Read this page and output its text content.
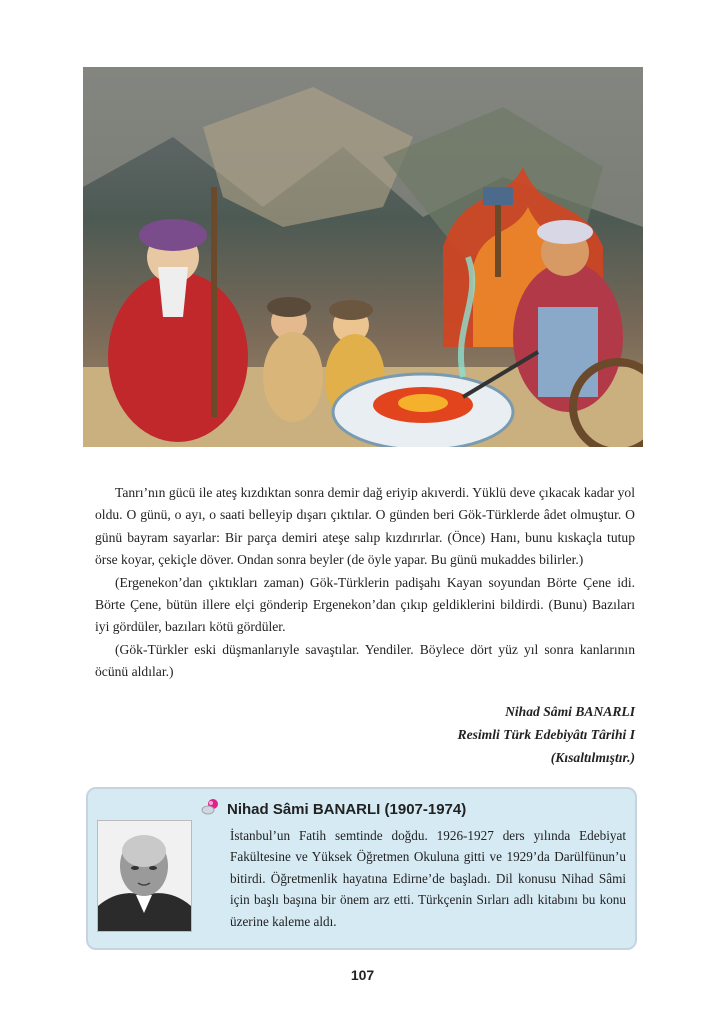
Tanrı’nın gücü ile ateş kızdıktan sonra demir dağ eriyip akıverdi. Yüklü deve çıkacak kadar yol oldu. O günü, o ayı, o saati belleyip dışarı çıktılar. O günden beri Gök-Türklerde âdet olmuştur. O günü bayram sayarlar: Bir parça demiri ateşe salıp kızdırırlar. (Önce) Hanı, bunu kıskaçla tutup örse koyar, çekiçle döver. Ondan sonra beyler (de öyle yapar. Bu günü mukaddes bilirler.)

(Ergenekon’dan çıktıkları zaman) Gök-Türklerin padişahı Kayan soyundan Börte Çene idi. Börte Çene, bütün illere elçi gönderip Ergenekon’dan çıkıp geldiklerini bildirdi. (Bunu) Bazıları iyi gördüler, bazıları kötü gördüler.

(Gök-Türkler eski düşmanlarıyle savaştılar. Yendiler. Böylece dört yüz yıl sonra kanlarının öcünü aldılar.)

Nihad Sâmi BANARLI
Resimli Türk Edebiyâtı Târihi I
(Kısaltılmıştır.)
Nihad Sâmi BANARLI (1907-1974)

İstanbul’un Fatih semtinde doğdu. 1926-1927 ders yılında Edebiyat Fakültesine ve Yüksek Öğretmen Okuluna gitti ve 1929’da Darülfünun’u bitirdi. Öğretmenlik hayatına Edirne’de başladı. Dil konusu Nihad Sâmi için başlı başına bir önem arz etti. Türkçenin Sırları adlı kitabını bu konu üzerine kaleme aldı.

107
